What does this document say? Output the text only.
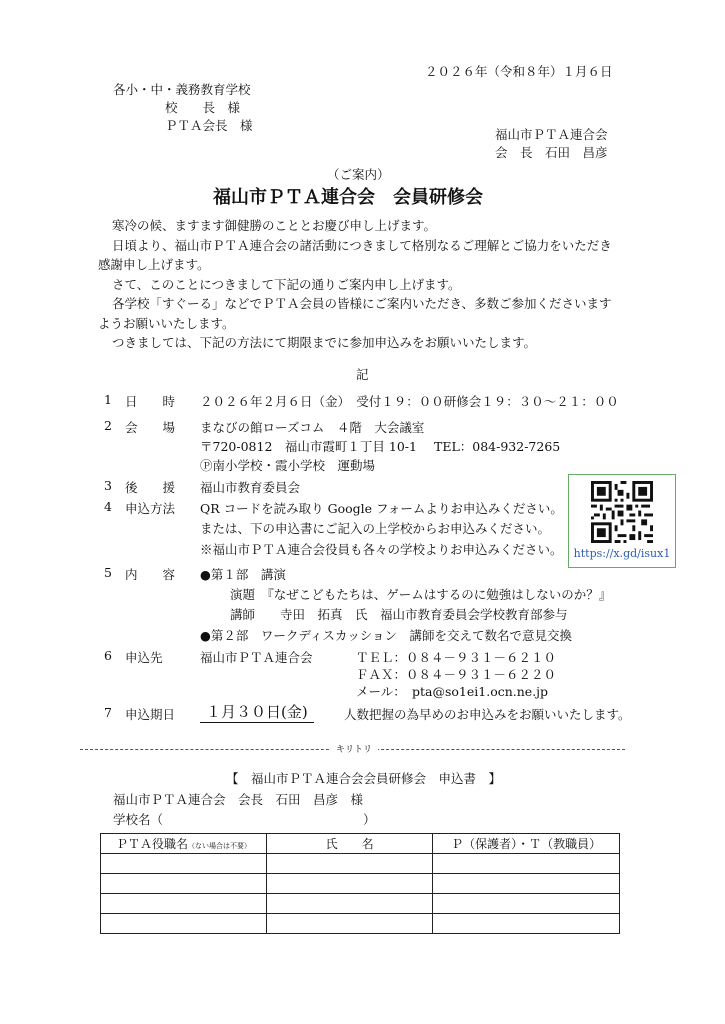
２０２６年（令和８年）１月６日
各小・中・義務教育学校
校　　長　様
ＰＴＡ会長　様
福山市ＰＴＡ連合会
会　長　石田　昌彦
（ご案内）
福山市ＰＴＡ連合会　会員研修会

寒冷の候、ますます御健勝のこととお慶び申し上げます。

日頃より、福山市ＰＴＡ連合会の諸活動につきまして格別なるご理解とご協力をいただき感謝申し上げます。

さて、このことにつきまして下記の通りご案内申し上げます。

各学校「すぐーる」などでＰＴＡ会員の皆様にご案内いただき、多数ご参加くださいますようお願いいたします。

つきましては、下記の方法にて期限までに参加申込みをお願いいたします。

記
1 日　　時 ２０２６年２月６日（金）　受付１９：００研修会１９：３０～２１：００
2 会　　場 まなびの館ローズコム　４階　大会議室
〒720-0812　福山市霞町１丁目 10-1 TEL：084-932-7265
Ⓟ南小学校・霞小学校　運動場
3 後　　援 福山市教育委員会
4 申込方法 QR コードを読み取り Google フォームよりお申込みください。
または、下の申込書にご記入の上学校からお申込みください。
※福山市ＰＴＡ連合会役員も各々の学校よりお申込みください。	https://x.gd/isux1
5 内　　容 ●第１部　講演
演題　『なぜこどもたちは、ゲームはするのに勉強はしないのか？』
講師　　寺田　拓真　氏　福山市教育委員会学校教育部参与
●第２部　ワークディスカッション　講師を交えて数名で意見交換
6 申込先	福山市ＰＴＡ連合会	ＴＥＬ：０８４－９３１－６２１０
ＦＡＸ：０８４－９３１－６２２０
メール：　pta@so1ei1.ocn.ne.jp
7 申込期日	１月３０日(金)	人数把握の為早めのお申込みをお願いいたします。
キリトリ
【　福山市ＰＴＡ連合会会員研修会　申込書　】
福山市ＰＴＡ連合会　会長　石田　昌彦　様
学校名（　　　　　　　　　　　　　　　　）
ＰＴＡ役職名（ない場合は不要）	氏　　名	Ｐ（保護者）・Ｔ（教職員）
